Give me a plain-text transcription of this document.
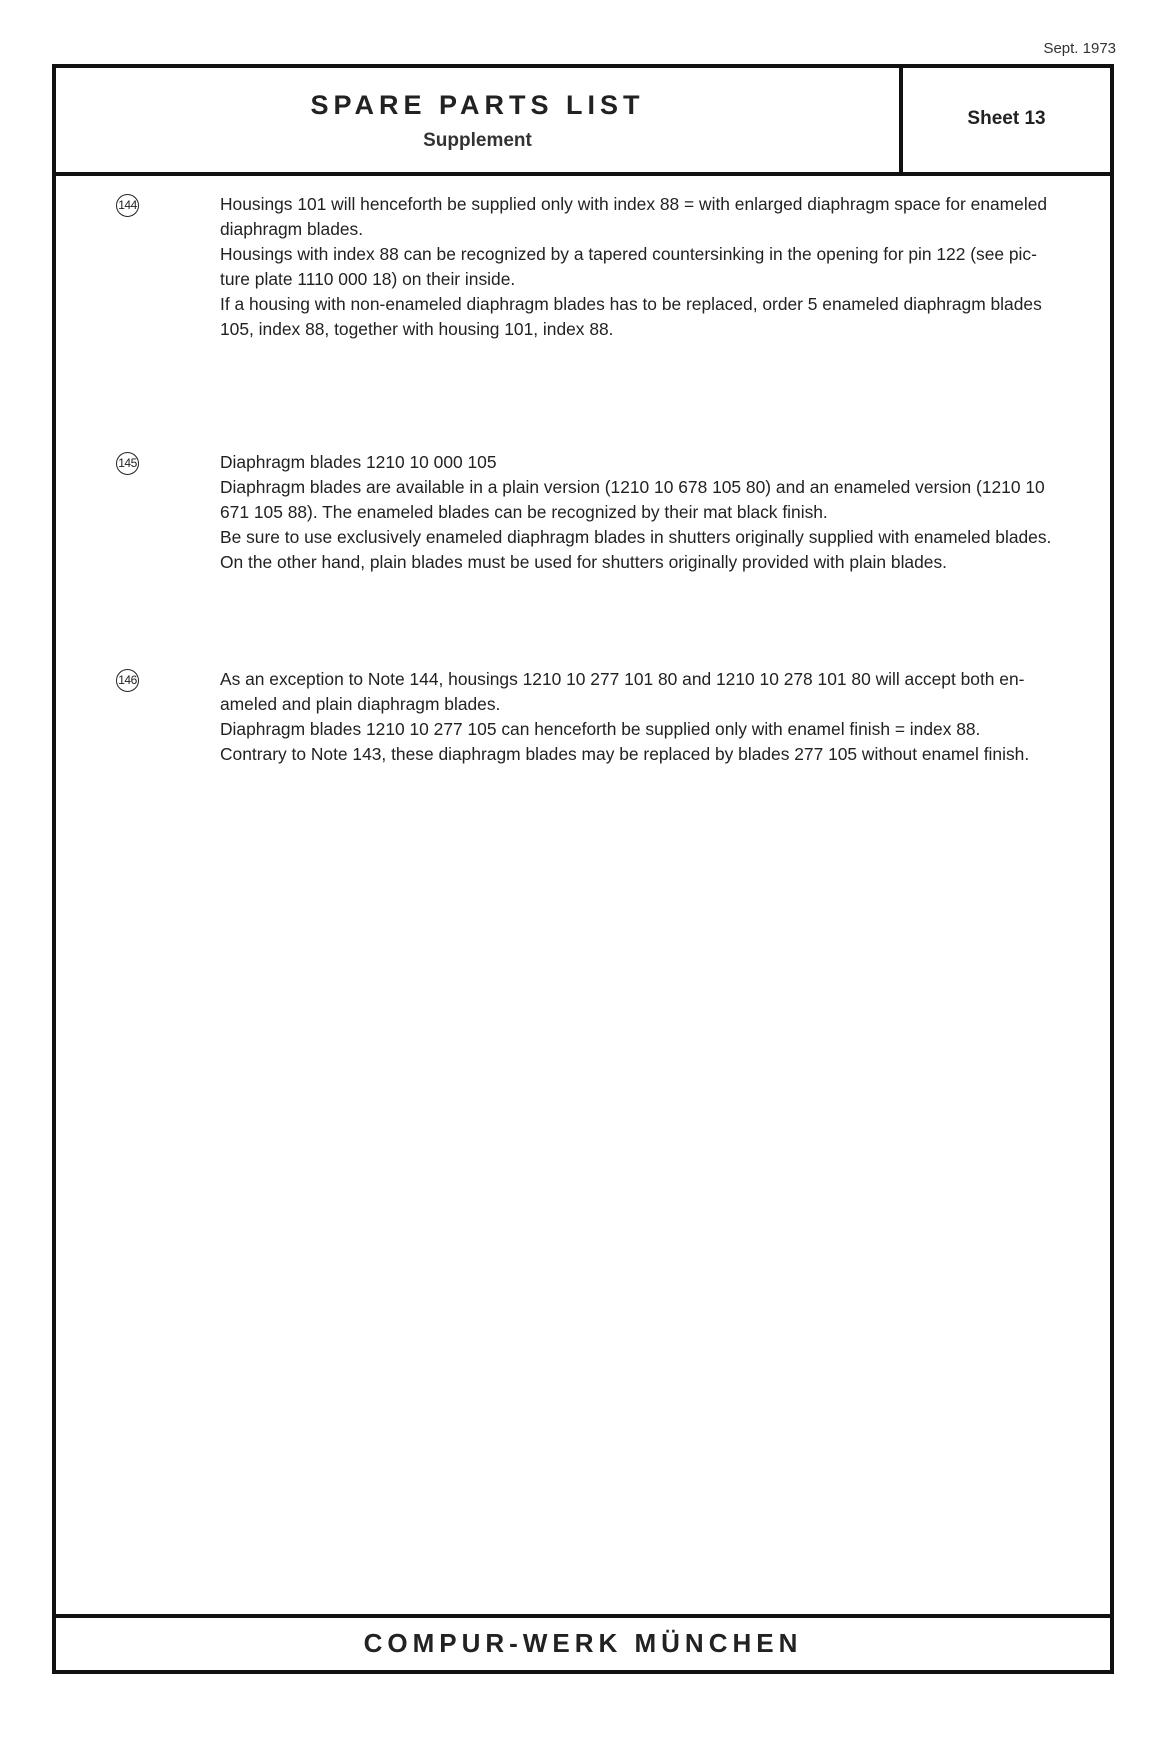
Sept. 1973
SPARE PARTS LIST
Supplement
Sheet 13
144	Housings 101 will henceforth be supplied only with index 88 = with enlarged diaphragm space for enameled
diaphragm blades.
Housings with index 88 can be recognized by a tapered countersinking in the opening for pin 122 (see pic-
ture plate 1110 000 18) on their inside.
If a housing with non-enameled diaphragm blades has to be replaced, order 5 enameled diaphragm blades
105, index 88, together with housing 101, index 88.
145	Diaphragm blades 1210 10 000 105
Diaphragm blades are available in a plain version (1210 10 678 105 80) and an enameled version (1210 10
671 105 88). The enameled blades can be recognized by their mat black finish.
Be sure to use exclusively enameled diaphragm blades in shutters originally supplied with enameled blades.
On the other hand, plain blades must be used for shutters originally provided with plain blades.
146	As an exception to Note 144, housings 1210 10 277 101 80 and 1210 10 278 101 80 will accept both en-
ameled and plain diaphragm blades.
Diaphragm blades 1210 10 277 105 can henceforth be supplied only with enamel finish = index 88.
Contrary to Note 143, these diaphragm blades may be replaced by blades 277 105 without enamel finish.
COMPUR-WERK MÜNCHEN
